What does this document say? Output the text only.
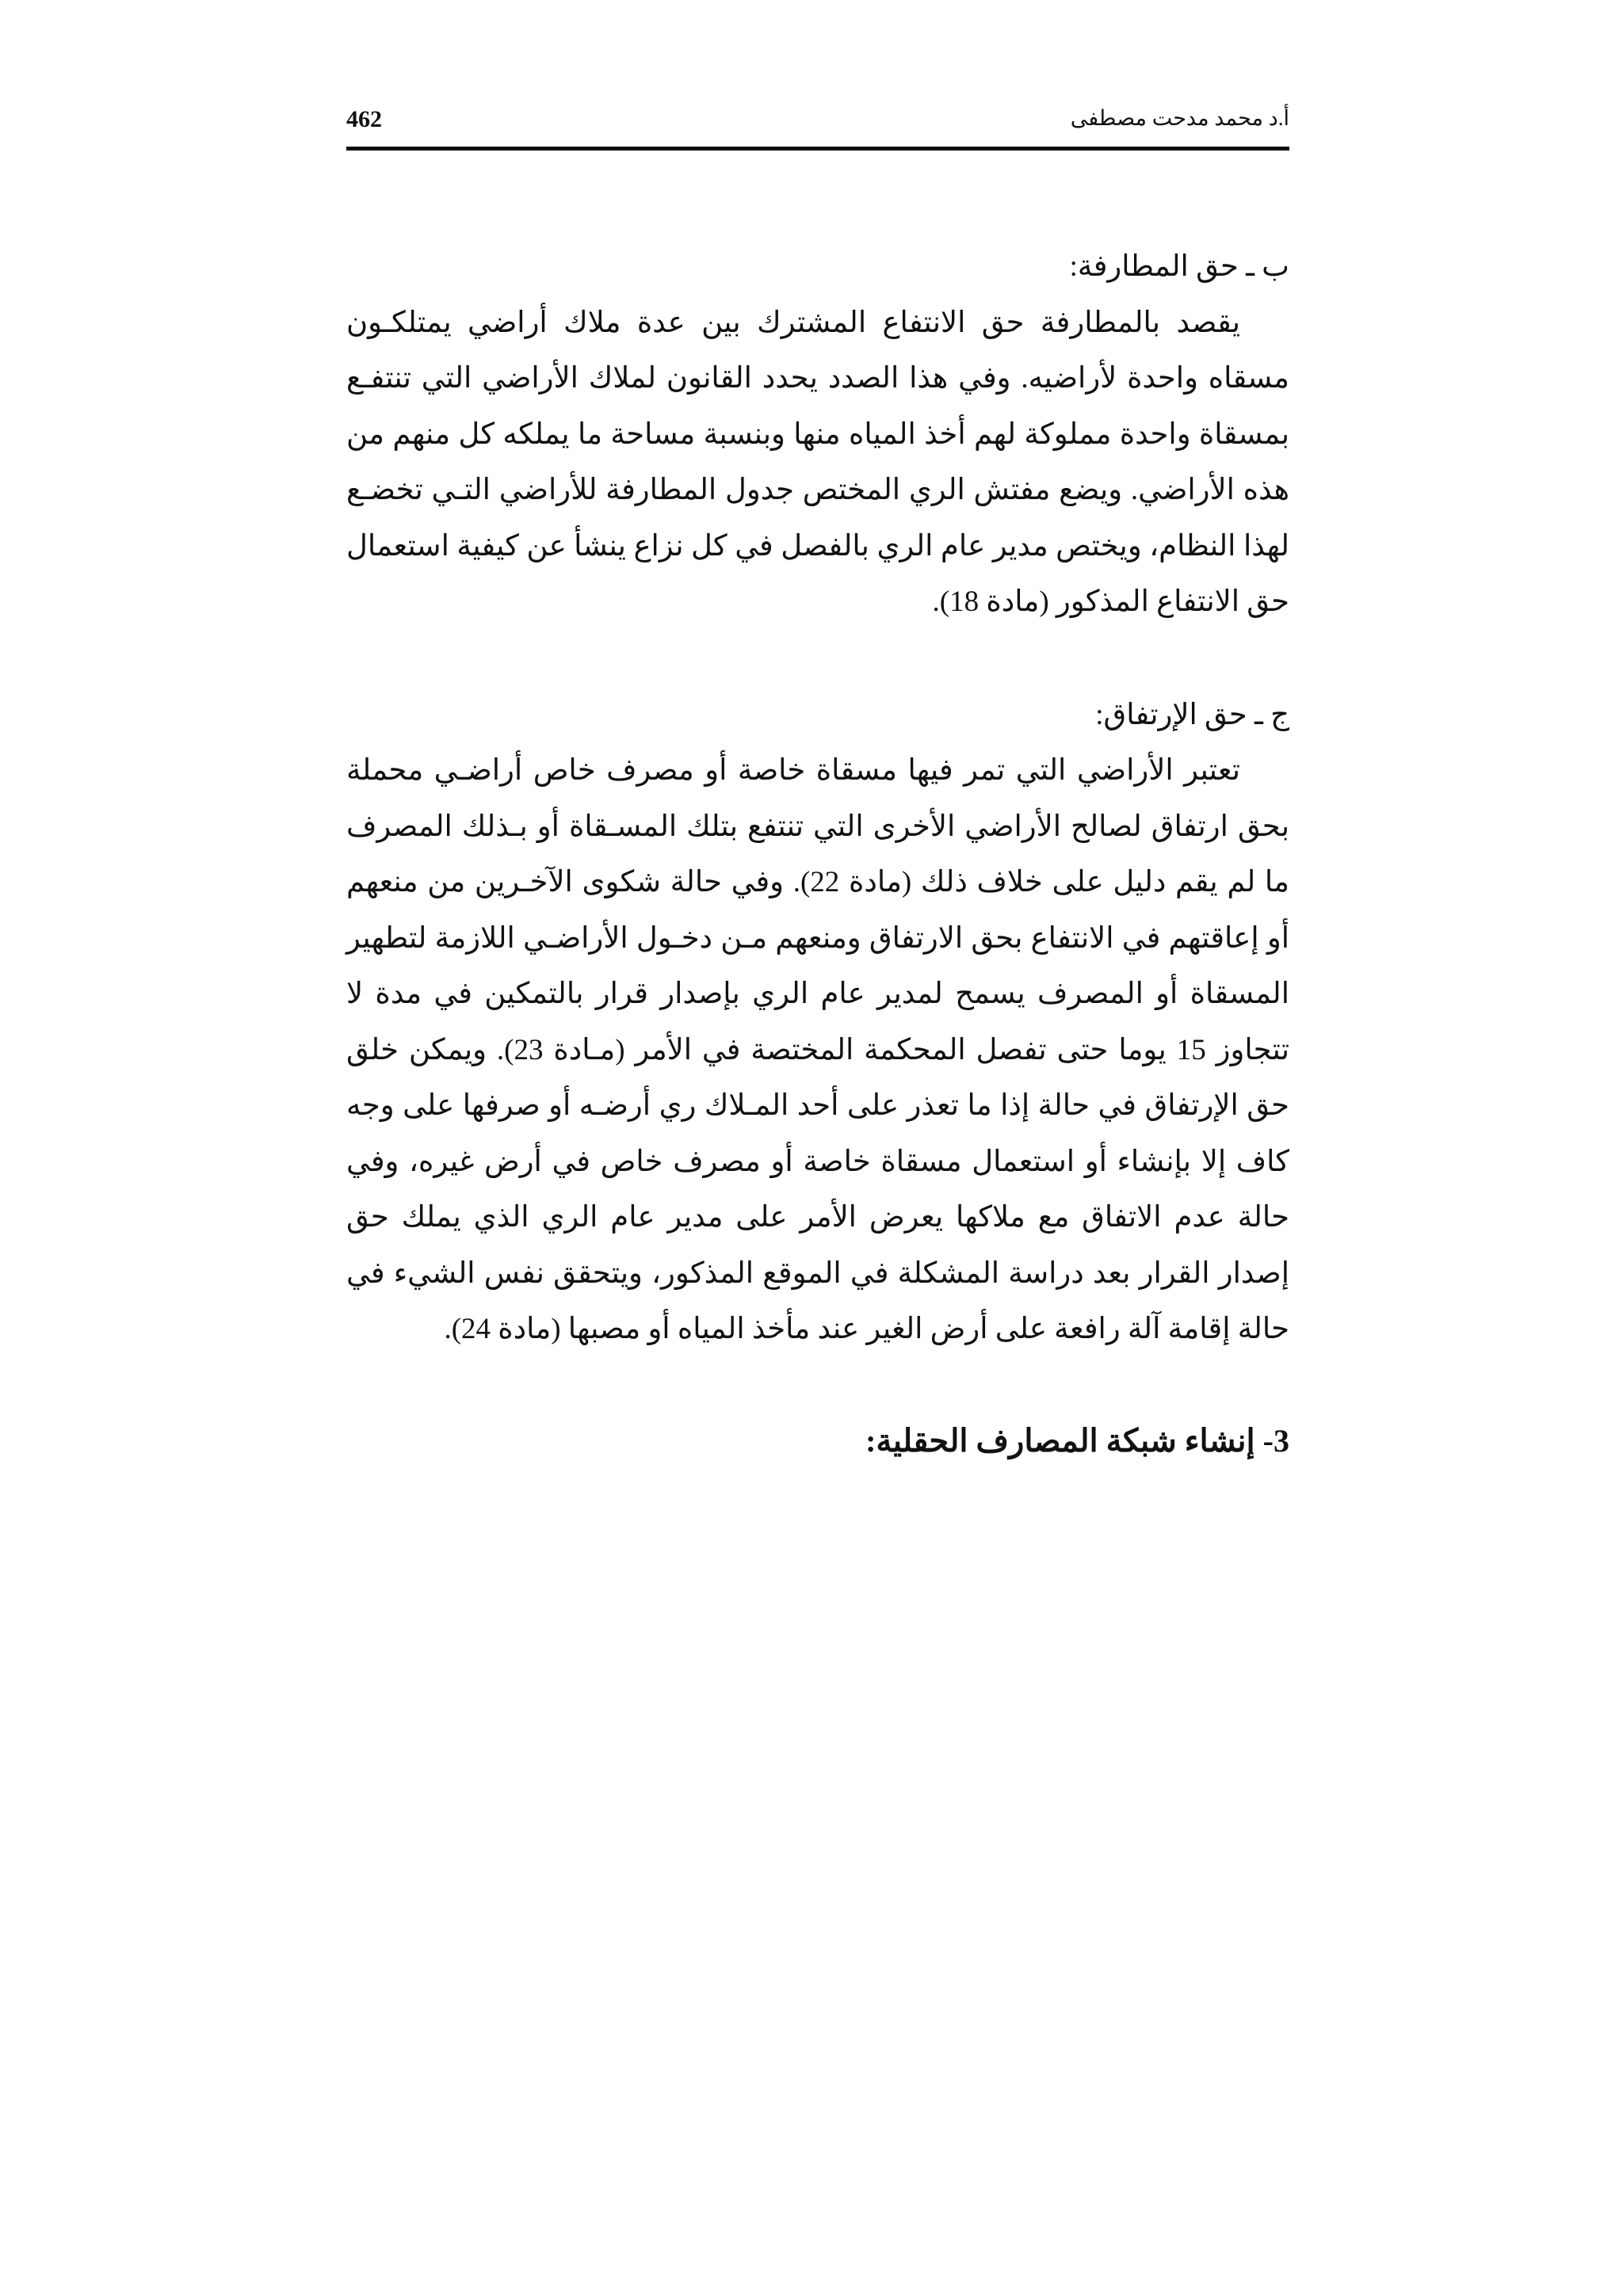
462	أ.د محمد مدحت مصطفى
ب ـ حق المطارفة:

يقصد بالمطارفة حق الانتفاع المشترك بين عدة ملاك أراضي يمتلكـون مسقاه واحدة لأراضيه. وفي هذا الصدد يحدد القانون لملاك الأراضي التي تنتفـع بمسقاة واحدة مملوكة لهم أخذ المياه منها وبنسبة مساحة ما يملكه كل منهم من هذه الأراضي. ويضع مفتش الري المختص جدول المطارفة للأراضي التـي تخضـع لهذا النظام، ويختص مدير عام الري بالفصل في كل نزاع ينشأ عن كيفية استعمال حق الانتفاع المذكور (مادة 18).

ج ـ حق الإرتفاق:

تعتبر الأراضي التي تمر فيها مسقاة خاصة أو مصرف خاص أراضـي محملة بحق ارتفاق لصالح الأراضي الأخرى التي تنتفع بتلك المسـقاة أو بـذلك المصرف ما لم يقم دليل على خلاف ذلك (مادة 22). وفي حالة شكوى الآخـرين من منعهم أو إعاقتهم في الانتفاع بحق الارتفاق ومنعهم مـن دخـول الأراضـي اللازمة لتطهير المسقاة أو المصرف يسمح لمدير عام الري بإصدار قرار بالتمكين في مدة لا تتجاوز 15 يوما حتى تفصل المحكمة المختصة في الأمر (مـادة 23). ويمكن خلق حق الإرتفاق في حالة إذا ما تعذر على أحد المـلاك ري أرضـه أو صرفها على وجه كاف إلا بإنشاء أو استعمال مسقاة خاصة أو مصرف خاص في أرض غيره، وفي حالة عدم الاتفاق مع ملاكها يعرض الأمر على مدير عام الري الذي يملك حق إصدار القرار بعد دراسة المشكلة في الموقع المذكور، ويتحقق نفس الشيء في حالة إقامة آلة رافعة على أرض الغير عند مأخذ المياه أو مصبها (مادة 24).

3- إنشاء شبكة المصارف الحقلية:
